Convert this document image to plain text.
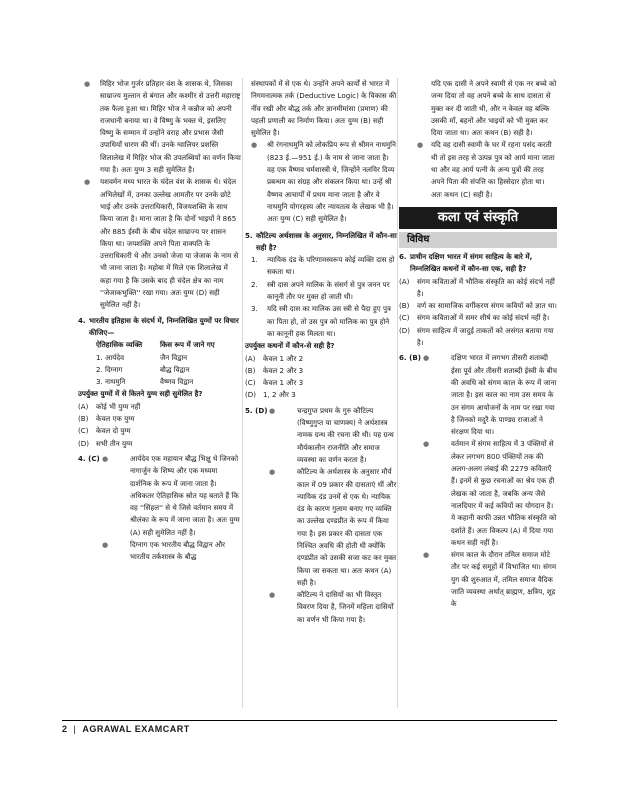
● मिहिर भोज गुर्जर प्रतिहार वंश के शासक थे, जिसका साम्राज्य मुल्तान से बंगाल और कश्मीर से उत्तरी महाराष्ट्र तक फैला हुआ था। मिहिर भोज ने कन्नौज को अपनी राजधानी बनाया था। वे विष्णु के भक्त थे, इसलिए विष्णु के सम्मान में उन्होंने वराह और प्रभास जैसी उपाधियाँ धारण की थीं। उनके ग्वालियर प्रशस्ति शिलालेख में मिहिर भोज की उपलब्धियों का वर्णन किया गया है। अतः युग्म 3 सही सुमेलित है।

● यशवर्मन मध्य भारत के चंदेल वंश के शासक थे। चंदेल अभिलेखों में, उनका उल्लेख आमतौर पर उनके छोटे भाई और उनके उत्तराधिकारी, विजयशक्ति के साथ किया जाता है। माना जाता है कि दोनों भाइयों ने 865 और 885 ईस्वी के बीच चंदेल साम्राज्य पर शासन किया था। जयशक्ति अपने पिता वाक्पति के उत्तराधिकारी थे और उनको जेजा या जेजाक के नाम से भी जाना जाता है। महोबा में मिले एक शिलालेख में कहा गया है कि उसके बाद ही चंदेल क्षेत्र का नाम ''जेजाकभुक्ति'' रखा गया। अतः युग्म (D) सही सुमेलित नहीं है।

4. भारतीय इतिहास के संदर्भ में, निम्नलिखित युग्मों पर विचार कीजिए—
ऐतिहासिक व्यक्ति	किस रूप में जाने गए
1. आर्यदेव	जैन विद्वान
2. दिग्नाग	बौद्ध विद्वान
3. नाथमुनि	वैष्णव विद्वान
उपर्युक्त युग्मों में से कितने युग्म सही सुमेलित है?
(A) कोई भी युग्म नहीं
(B) केवल एक युग्म
(C) केवल दो युग्म
(D) सभी तीन युग्म

4. (C) ●	आर्यदेव एक महायान बौद्ध भिक्षु थे जिनको नागार्जुन के शिष्य और एक मध्यमा दार्शनिक के रूप में जाना जाता है। अधिकतर ऐतिहासिक स्रोत यह बताते हैं कि वह ''सिंहल'' से थे जिसे वर्तमान समय में श्रीलंका के रूप में जाना जाता है। अतः युग्म (A) सही सुमेलित नहीं है।

●	दिग्नाग एक भारतीय बौद्ध विद्वान और भारतीय तर्कशास्त्र के बौद्ध

संस्थापकों में से एक थे। उन्होंने अपने कार्यों से भारत में निगमनात्मक तर्क (Deductive Logic) के विकास की नींव रखी और बौद्ध तर्क और ज्ञानमीमांसा (प्रमाण) की पहली प्रणाली का निर्माण किया। अतः युग्म (B) सही सुमेलित है।

● श्री रंगनाथमुनि को लोकप्रिय रूप से श्रीमन नाथमुनि (823 ई.—951 ई.) के नाम से जाना जाता है। वह एक वैष्णव धर्मशास्त्री थे, जिन्होंने नलयिर दिव्य प्रबन्धम का संग्रह और संकलन किया था। उन्हें श्री वैष्णव आचार्यों में प्रथम माना जाता है और वे नाथमुनि योगरहस्य और न्यायतत्व के लेखक भी है। अतः युग्म (C) सही सुमेलित है।

5. कौटिल्य अर्थशास्त्र के अनुसार, निम्नलिखित में कौन-सा सही है?
1. न्यायिक दंड के परिणामस्वरूप कोई व्यक्ति दास हो सकता था।
2. स्त्री दास अपने मालिक के संसर्ग से पुत्र जनन पर कानूनी तौर पर मुक्त हो जाती थी।
3. यदि स्त्री दास का मालिक उस स्त्री से पैदा हुए पुत्र का पिता हो, तो उस पुत्र को मालिक का पुत्र होने का कानूनी हक मिलता था।
उपर्युक्त कथनों में कौन-से सही है?
(A) केवल 1 और 2
(B) केवल 2 और 3
(C) केवल 1 और 3
(D) 1, 2 और 3

5. (D) ●	चन्द्रगुप्त प्रथम के गुरु कौटिल्य (विष्णुगुप्त या चाणक्य) ने अर्थशास्त्र नामक ग्रन्थ की रचना की थी। यह ग्रन्थ मौर्यकालीन राजनीति और समाज व्यवस्था का वर्णन करता है।

●	कौटिल्य के अर्थशास्त्र के अनुसार मौर्य काल में 09 प्रकार की दासताएं थीं और न्यायिक दंड उनमें से एक थे। न्यायिक दंड के कारण गुलाम बनाए गए व्यक्ति का उल्लेख दण्डप्रीत के रूप में किया गया है। इस प्रकार की दासता एक निश्चित अवधि की होती थी क्योंकि दण्डप्रीत को उसकी सजा कट कर मुक्त किया जा सकता था। अतः कथन (A) सही है।

●	कौटिल्य ने दासियों का भी विस्तृत विवरण दिया है, जिनमें महिला दासियों का वर्णन भी किया गया है।

यदि एक दासी ने अपने स्वामी से एक नर बच्चे को जन्म दिया तो वह अपने बच्चे के साथ दासता से मुक्त कर दी जाती थी, और न केवल वह बल्कि उसकी माँ, बहनों और भाइयों को भी मुक्त कर दिया जाता था। अतः कथन (B) सही है।

● यदि वह दासी स्वामी के घर में रहना पसंद करती थी तो इस तरह से उत्पन्न पुत्र को आर्य माना जाता था और वह आर्य पत्नी के अन्य पुत्रों की तरह अपने पिता की संपत्ति का हिस्सेदार होता था। अतः कथन (C) सही है।

कला एवं संस्कृति
विविध
6. प्राचीन दक्षिण भारत में संगम साहित्य के बारे में, निम्नलिखित कथनों में कौन-सा एक, सही है?
(A) संगम कविताओं में भौतिक संस्कृति का कोई संदर्भ नहीं है।
(B) वर्ण का सामाजिक वर्गीकरण संगम कवियों को ज्ञात था।
(C) संगम कविताओं में समर शीर्ष का कोई संदर्भ नहीं है।
(D) संगम साहित्य में जादुई ताकतों को असंगत बताया गया है।

6. (B) ●	दक्षिण भारत में लगभग तीसरी शताब्दी ईसा पूर्व और तीसरी शताब्दी ईस्वी के बीच की अवधि को संगम काल के रूप में जाना जाता है। इस काल का नाम उस समय के उन संगम आयोजनों के नाम पर रखा गया है जिनको मदुरै के पाण्ड्य राजाओं ने संरक्षण दिया था।

●	वर्तमान में संगम साहित्य में 3 पंक्तियों से लेकर लगभग 800 पंक्तियों तक की अलग-अलग लंबाई की 2279 कविताएँ हैं। इनमें से कुछ रचनाओं का श्रेय एक ही लेखक को जाता है, जबकि अन्य जैसे नालदियार में कई कवियों का योगदान है। ये कहानी काफी उन्नत भौतिक संस्कृति को दर्शाते हैं। अतः विकल्प (A) में दिया गया कथन सही नहीं है।

●	संगम काल के दौरान तमिल समाज मोटे तौर पर कई समूहों में विभाजित था। संगम युग की शुरुआत में, तमिल समाज वैदिक जाति व्यवस्था अर्थात् ब्राह्मण, क्षत्रिय, शूद्र के

2 | AGRAWAL EXAMCART
